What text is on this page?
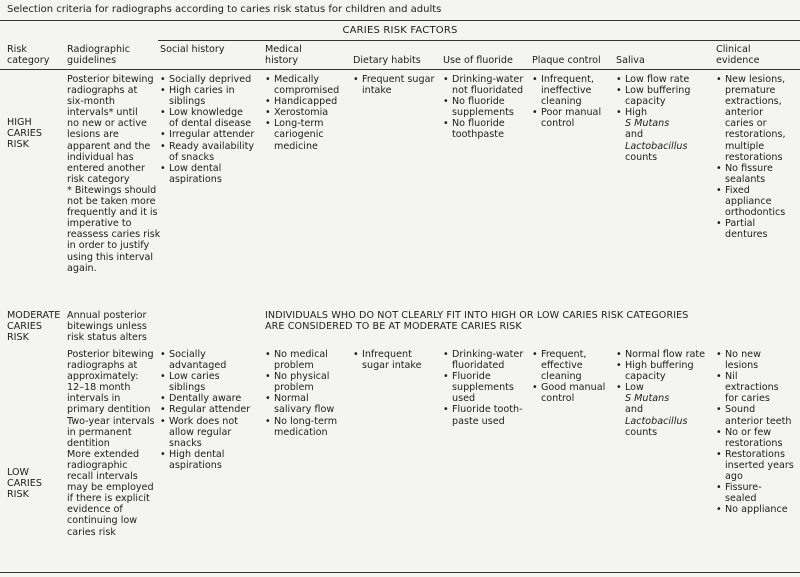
Selection criteria for radiographs according to caries risk status for children and adults
CARIES RISK FACTORS
Risk
category
Radiographic
guidelines
Social history	Medical
history	Dietary habits Use of fluoride Plaque control Saliva
Clinical
evidence
HIGH
CARIES
RISK
Posterior bitewing
radiographs at
six-month
intervals* until
no new or active
lesions are
apparent and the
individual has
entered another
risk category
* Bitewings should
not be taken more
frequently and it is
imperative to
reassess caries risk
in order to justify
using this interval
again.
• Socially deprived
• High caries in
siblings
• Low knowledge
of dental disease
• Irregular attender
• Ready availability
of snacks
• Low dental
aspirations
• Medically
compromised
• Handicapped
• Xerostomia
• Long-term
cariogenic
medicine
• Frequent sugar
intake
• Drinking-water
not fluoridated
• No fluoride
supplements
• No fluoride
toothpaste
• Infrequent,
ineffective
cleaning
• Poor manual
control
• Low flow rate
• Low buffering
capacity
• High
S Mutans
and
Lactobacillus
counts
• New lesions,
premature
extractions,
anterior
caries or
restorations,
multiple
restorations
• No fissure
sealants
• Fixed
appliance
orthodontics
• Partial
dentures
MODERATE
CARIES
RISK
Annual posterior
bitewings unless
risk status alters
INDIVIDUALS WHO DO NOT CLEARLY FIT INTO HIGH OR LOW CARIES RISK CATEGORIES
ARE CONSIDERED TO BE AT MODERATE CARIES RISK
LOW
CARIES
RISK
Posterior bitewing
radiographs at
approximately:
12–18 month
intervals in
primary dentition
Two-year intervals
in permanent
dentition
More extended
radiographic
recall intervals
may be employed
if there is explicit
evidence of
continuing low
caries risk
• Socially
advantaged
• Low caries
siblings
• Dentally aware
• Regular attender
• Work does not
allow regular
snacks
• High dental
aspirations
• No medical
problem
• No physical
problem
• Normal
salivary flow
• No long-term
medication
• Infrequent
sugar intake
• Drinking-water
fluoridated
• Fluoride
supplements
used
• Fluoride tooth-
paste used
• Frequent,
effective
cleaning
• Good manual
control
• Normal flow rate
• High buffering
capacity
• Low
S Mutans
and
Lactobacillus
counts
• No new
lesions
• Nil
extractions
for caries
• Sound
anterior teeth
• No or few
restorations
• Restorations
inserted years
ago
• Fissure-
sealed
• No appliance
